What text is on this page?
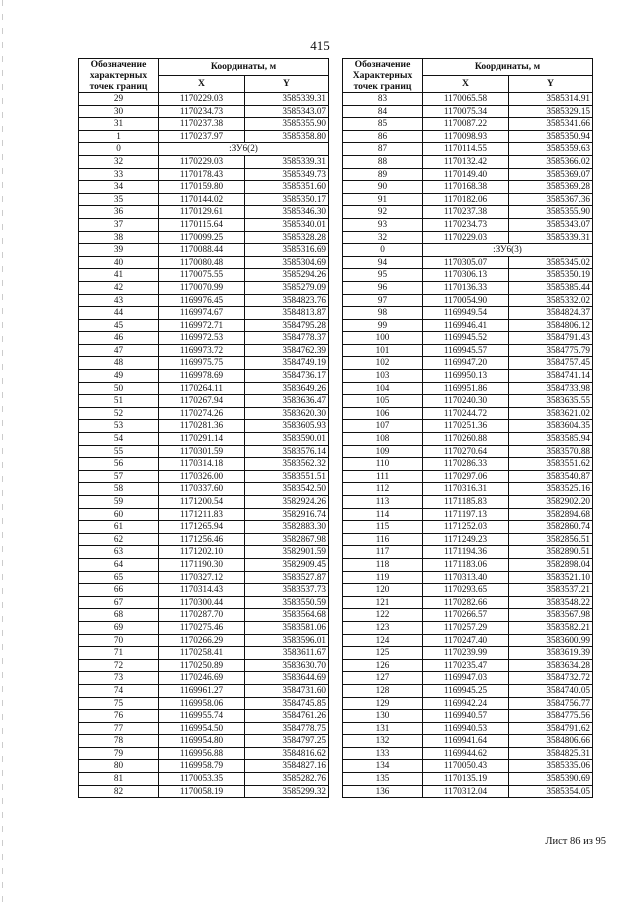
415
Обозначение характерных точек границ	Координаты, м	
	X	Y
29	1170229.03	3585339.31
30	1170234.73	3585343.07
31	1170237.38	3585355.90
1	1170237.97	3585358.80
0	:ЗУ6(2)	
32	1170229.03	3585339.31
33	1170178.43	3585349.73
34	1170159.80	3585351.60
35	1170144.02	3585350.17
36	1170129.61	3585346.30
37	1170115.64	3585340.01
38	1170099.25	3585328.28
39	1170088.44	3585316.69
40	1170080.48	3585304.69
41	1170075.55	3585294.26
42	1170070.99	3585279.09
43	1169976.45	3584823.76
44	1169974.67	3584813.87
45	1169972.71	3584795.28
46	1169972.53	3584778.37
47	1169973.72	3584762.39
48	1169975.75	3584749.19
49	1169978.69	3584736.17
50	1170264.11	3583649.26
51	1170267.94	3583636.47
52	1170274.26	3583620.30
53	1170281.36	3583605.93
54	1170291.14	3583590.01
55	1170301.59	3583576.14
56	1170314.18	3583562.32
57	1170326.00	3583551.51
58	1170337.60	3583542.50
59	1171200.54	3582924.26
60	1171211.83	3582916.74
61	1171265.94	3582883.30
62	1171256.46	3582867.98
63	1171202.10	3582901.59
64	1171190.30	3582909.45
65	1170327.12	3583527.87
66	1170314.43	3583537.73
67	1170300.44	3583550.59
68	1170287.70	3583564.68
69	1170275.46	3583581.06
70	1170266.29	3583596.01
71	1170258.41	3583611.67
72	1170250.89	3583630.70
73	1170246.69	3583644.69
74	1169961.27	3584731.60
75	1169958.06	3584745.85
76	1169955.74	3584761.26
77	1169954.50	3584778.75
78	1169954.80	3584797.25
79	1169956.88	3584816.62
80	1169958.79	3584827.16
81	1170053.35	3585282.76
82	1170058.19	3585299.32
Обозначение Характерных точек границ	Координаты, м	
	X	Y
83	1170065.58	3585314.91
84	1170075.34	3585329.15
85	1170087.22	3585341.66
86	1170098.93	3585350.94
87	1170114.55	3585359.63
88	1170132.42	3585366.02
89	1170149.40	3585369.07
90	1170168.38	3585369.28
91	1170182.06	3585367.36
92	1170237.38	3585355.90
93	1170234.73	3585343.07
32	1170229.03	3585339.31
0	:ЗУ6(3)	
94	1170305.07	3585345.02
95	1170306.13	3585350.19
96	1170136.33	3585385.44
97	1170054.90	3585332.02
98	1169949.54	3584824.37
99	1169946.41	3584806.12
100	1169945.52	3584791.43
101	1169945.57	3584775.79
102	1169947.20	3584757.45
103	1169950.13	3584741.14
104	1169951.86	3584733.98
105	1170240.30	3583635.55
106	1170244.72	3583621.02
107	1170251.36	3583604.35
108	1170260.88	3583585.94
109	1170270.64	3583570.88
110	1170286.33	3583551.62
111	1170297.06	3583540.87
112	1170316.31	3583525.16
113	1171185.83	3582902.20
114	1171197.13	3582894.68
115	1171252.03	3582860.74
116	1171249.23	3582856.51
117	1171194.36	3582890.51
118	1171183.06	3582898.04
119	1170313.40	3583521.10
120	1170293.65	3583537.21
121	1170282.66	3583548.22
122	1170266.57	3583567.98
123	1170257.29	3583582.21
124	1170247.40	3583600.99
125	1170239.99	3583619.39
126	1170235.47	3583634.28
127	1169947.03	3584732.72
128	1169945.25	3584740.05
129	1169942.24	3584756.77
130	1169940.57	3584775.56
131	1169940.53	3584791.62
132	1169941.64	3584806.66
133	1169944.62	3584825.31
134	1170050.43	3585335.06
135	1170135.19	3585390.69
136	1170312.04	3585354.05
Лист 86 из 95
